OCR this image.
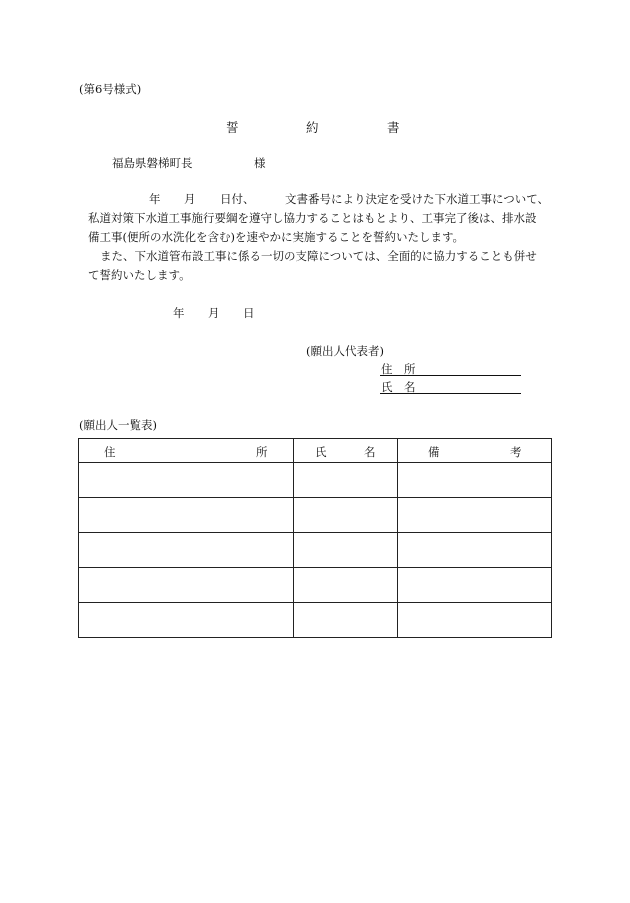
(第6号様式)
誓	約	書
福島県磐梯町長	様
年 月 日付、	文書番号により決定を受けた下水道工事について、
私道対策下水道工事施行要綱を遵守し協力することはもとより、工事完了後は、排水設
備工事(便所の水洗化を含む)を速やかに実施することを誓約いたします。
また、下水道管布設工事に係る一切の支障については、全面的に協力することも併せ
て誓約いたします。
年 月 日
(願出人代表者)
住　所
氏　名
(願出人一覧表)
住 所	氏 名	備 考
